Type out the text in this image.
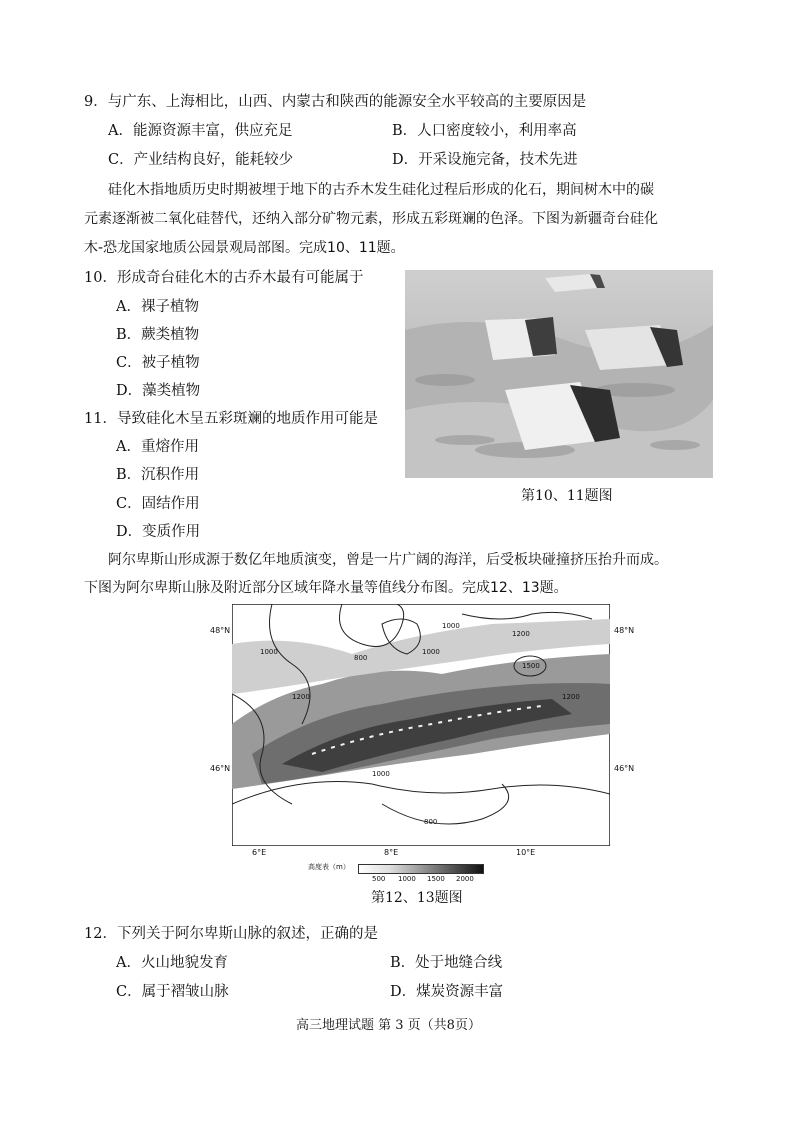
9．与广东、上海相比，山西、内蒙古和陕西的能源安全水平较高的主要原因是
A．能源资源丰富，供应充足	B．人口密度较小，利用率高
C．产业结构良好，能耗较少	D．开采设施完备，技术先进
硅化木指地质历史时期被埋于地下的古乔木发生硅化过程后形成的化石，期间树木中的碳
元素逐渐被二氧化硅替代，还纳入部分矿物元素，形成五彩斑斓的色泽。下图为新疆奇台硅化
木-恐龙国家地质公园景观局部图。完成10、11题。
10．形成奇台硅化木的古乔木最有可能属于
A．裸子植物
B．蕨类植物
C．被子植物
D．藻类植物
11．导致硅化木呈五彩斑斓的地质作用可能是
A．重熔作用
B．沉积作用
C．固结作用
D．变质作用
第10、11题图
阿尔卑斯山形成源于数亿年地质演变，曾是一片广阔的海洋，后受板块碰撞挤压抬升而成。
下图为阿尔卑斯山脉及附近部分区域年降水量等值线分布图。完成12、13题。
6°E	8°E	10°E
48°N
46°N
48°N
46°N
1000
1000
1200
1500
1200
800
1000
1000
800
1200
高度表（m）
500 1000 1500 2000
第12、13题图
12．下列关于阿尔卑斯山脉的叙述，正确的是
A．火山地貌发育	B．处于地缝合线
C．属于褶皱山脉	D．煤炭资源丰富
高三地理试题 第 3 页（共8页）
